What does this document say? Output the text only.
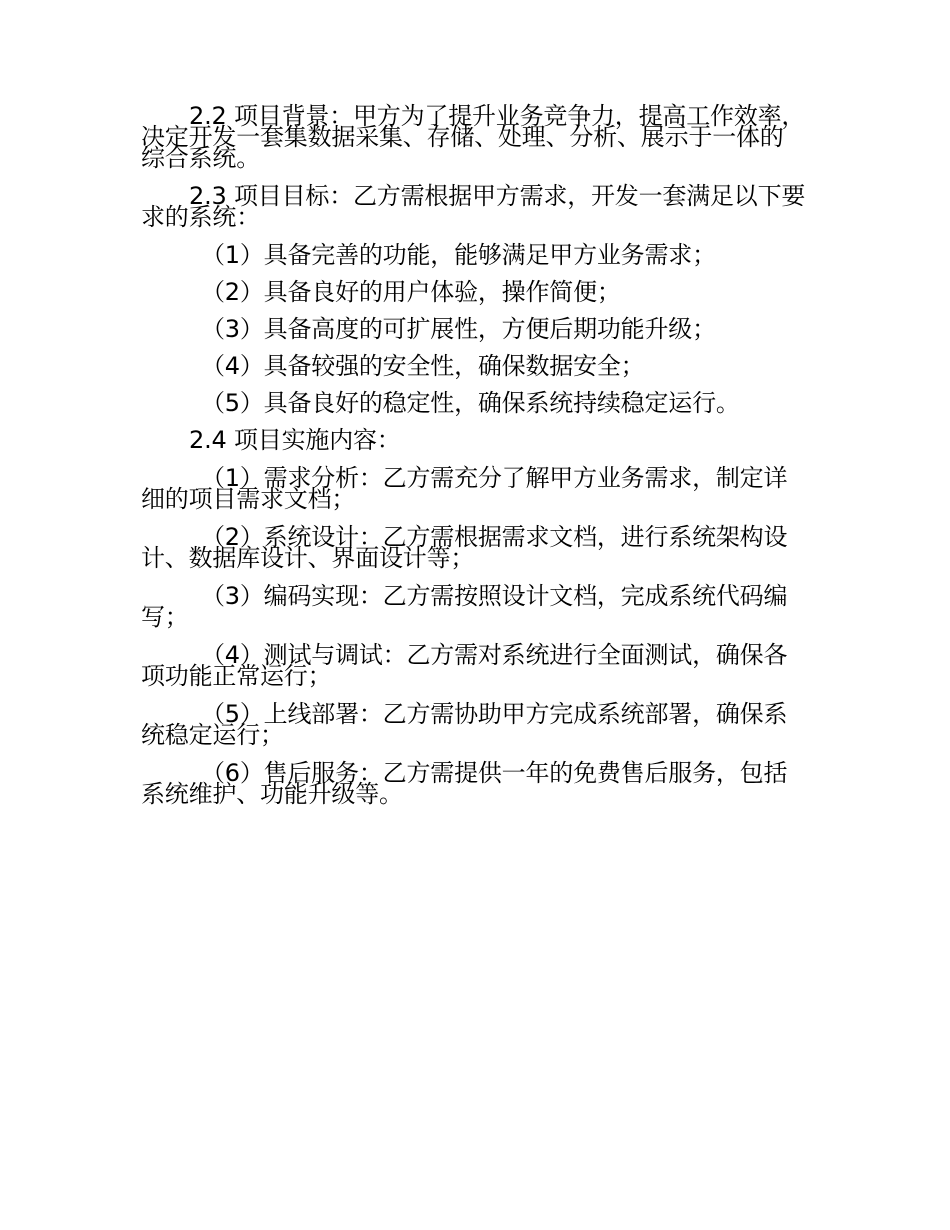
2.2 项目背景：甲方为了提升业务竞争力，提高工作效率，决定开发一套集数据采集、存储、处理、分析、展示于一体的综合系统。

2.3 项目目标：乙方需根据甲方需求，开发一套满足以下要求的系统：

（1）具备完善的功能，能够满足甲方业务需求；

（2）具备良好的用户体验，操作简便；

（3）具备高度的可扩展性，方便后期功能升级；

（4）具备较强的安全性，确保数据安全；

（5）具备良好的稳定性，确保系统持续稳定运行。

2.4 项目实施内容：

（1）需求分析：乙方需充分了解甲方业务需求，制定详细的项目需求文档；

（2）系统设计：乙方需根据需求文档，进行系统架构设计、数据库设计、界面设计等；

（3）编码实现：乙方需按照设计文档，完成系统代码编写；

（4）测试与调试：乙方需对系统进行全面测试，确保各项功能正常运行；

（5）上线部署：乙方需协助甲方完成系统部署，确保系统稳定运行；

（6）售后服务：乙方需提供一年的免费售后服务，包括系统维护、功能升级等。
